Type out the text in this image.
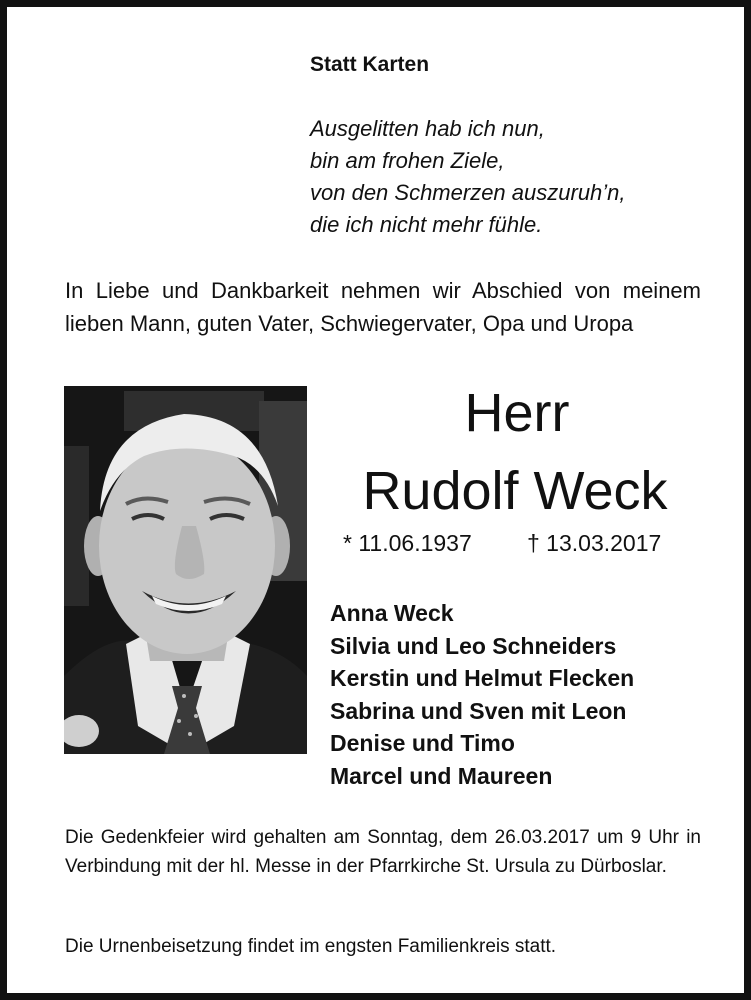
Statt Karten
Ausgelitten hab ich nun,
bin am frohen Ziele,
von den Schmerzen auszuruh’n,
die ich nicht mehr fühle.
In Liebe und Dankbarkeit nehmen wir Abschied von meinem lieben Mann, guten Vater, Schwiegervater, Opa und Uropa
Herr
Rudolf Weck
* 11.06.1937 † 13.03.2017
Anna Weck
Silvia und Leo Schneiders
Kerstin und Helmut Flecken
Sabrina und Sven mit Leon
Denise und Timo
Marcel und Maureen
Die Gedenkfeier wird gehalten am Sonntag, dem 26.03.2017 um 9 Uhr in Verbindung mit der hl. Messe in der Pfarrkirche St. Ursula zu Dürboslar.
Die Urnenbeisetzung findet im engsten Familienkreis statt.
